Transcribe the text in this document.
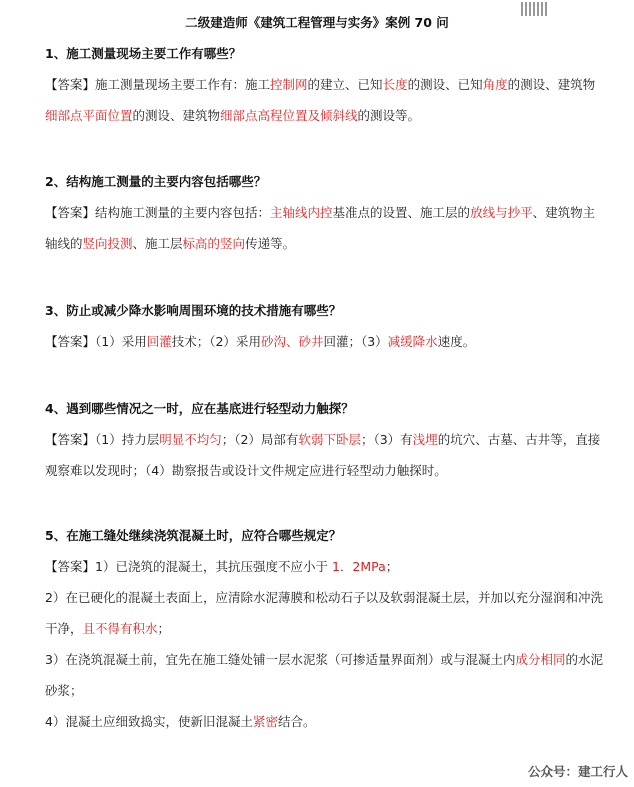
二级建造师《建筑工程管理与实务》案例 70 问
1、施工测量现场主要工作有哪些？
【答案】施工测量现场主要工作有：施工控制网的建立、已知长度的测设、已知角度的测设、建筑物细部点平面位置的测设、建筑物细部点高程位置及倾斜线的测设等。
2、结构施工测量的主要内容包括哪些？
【答案】结构施工测量的主要内容包括：主轴线内控基准点的设置、施工层的放线与抄平、建筑物主轴线的竖向投测、施工层标高的竖向传递等。
3、防止或减少降水影响周围环境的技术措施有哪些？
【答案】（1）采用回灌技术；（2）采用砂沟、砂井回灌；（3）减缓降水速度。
4、遇到哪些情况之一时，应在基底进行轻型动力触探？
【答案】（1）持力层明显不均匀；（2）局部有软弱下卧层；（3）有浅埋的坑穴、古墓、古井等，直接观察难以发现时；（4）勘察报告或设计文件规定应进行轻型动力触探时。
5、在施工缝处继续浇筑混凝土时，应符合哪些规定？
【答案】1）已浇筑的混凝土，其抗压强度不应小于 1．2MPa；
2）在已硬化的混凝土表面上，应清除水泥薄膜和松动石子以及软弱混凝土层，并加以充分湿润和冲洗干净，且不得有积水；
3）在浇筑混凝土前，宜先在施工缝处铺一层水泥浆（可掺适量界面剂）或与混凝土内成分相同的水泥砂浆；
4）混凝土应细致捣实，使新旧混凝土紧密结合。
公众号：建工行人
